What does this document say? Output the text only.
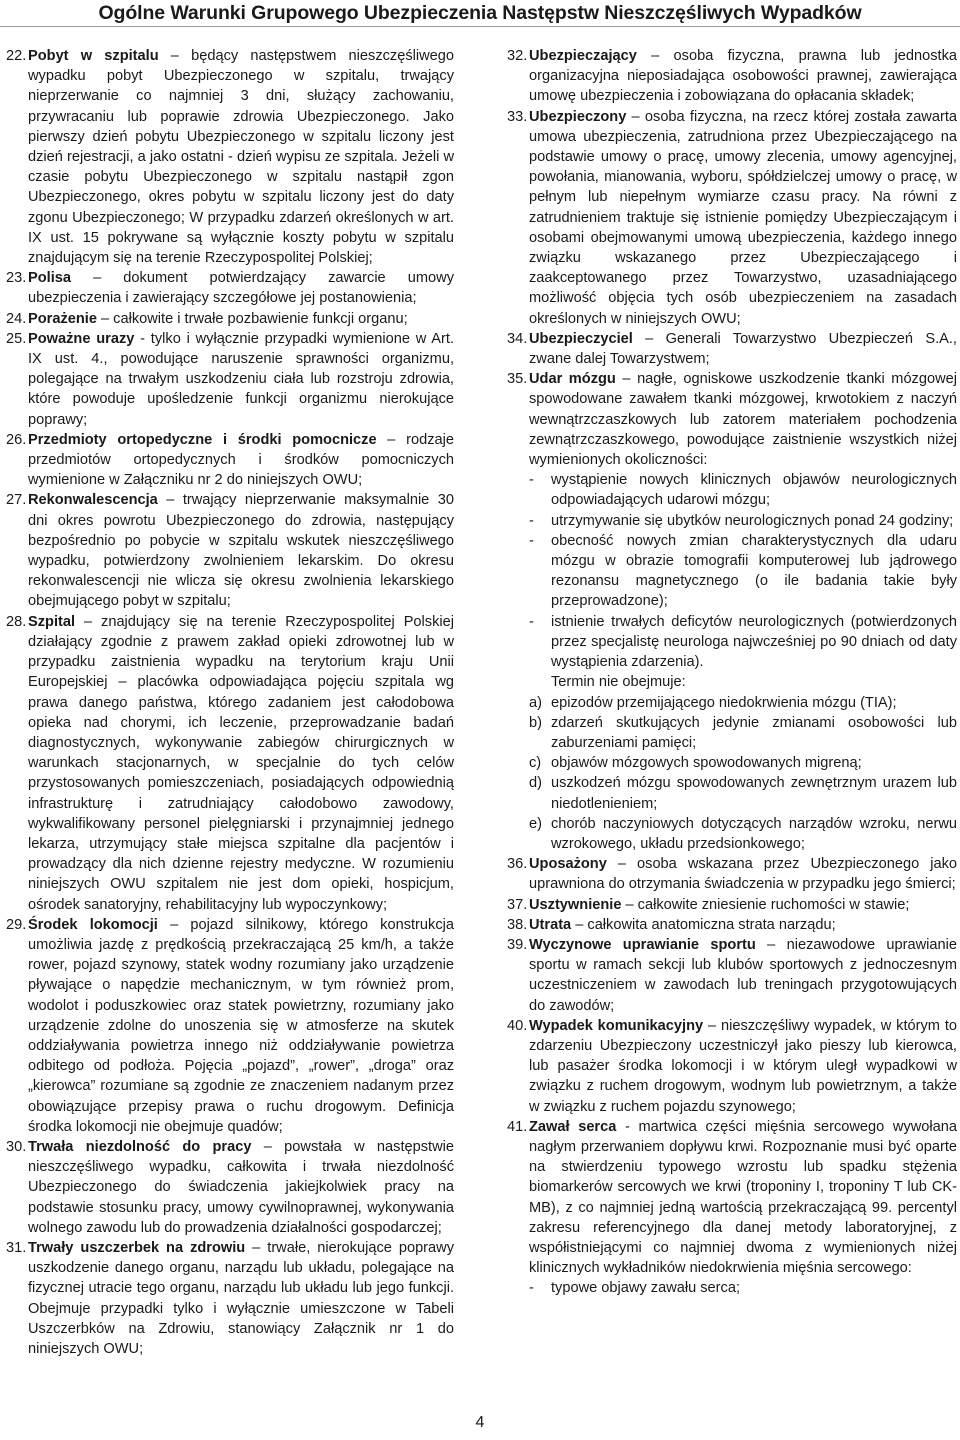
Ogólne Warunki Grupowego Ubezpieczenia Następstw Nieszczęśliwych Wypadków
22. Pobyt w szpitalu – będący następstwem nieszczęśliwego wypadku pobyt Ubezpieczonego w szpitalu, trwający nieprzerwanie co najmniej 3 dni, służący zachowaniu, przywracaniu lub poprawie zdrowia Ubezpieczonego. Jako pierwszy dzień pobytu Ubezpieczonego w szpitalu liczony jest dzień rejestracji, a jako ostatni - dzień wypisu ze szpitala. Jeżeli w czasie pobytu Ubezpieczonego w szpitalu nastąpił zgon Ubezpieczonego, okres pobytu w szpitalu liczony jest do daty zgonu Ubezpieczonego; W przypadku zdarzeń określonych w art. IX ust. 15 pokrywane są wyłącznie koszty pobytu w szpitalu znajdującym się na terenie Rzeczypospolitej Polskiej;
23. Polisa – dokument potwierdzający zawarcie umowy ubezpieczenia i zawierający szczegółowe jej postanowienia;
24. Porażenie – całkowite i trwałe pozbawienie funkcji organu;
25. Poważne urazy - tylko i wyłącznie przypadki wymienione w Art. IX ust. 4., powodujące naruszenie sprawności organizmu, polegające na trwałym uszkodzeniu ciała lub rozstroju zdrowia, które powoduje upośledzenie funkcji organizmu nierokujące poprawy;
26. Przedmioty ortopedyczne i środki pomocnicze – rodzaje przedmiotów ortopedycznych i środków pomocniczych wymienione w Załączniku nr 2 do niniejszych OWU;
27. Rekonwalescencja – trwający nieprzerwanie maksymalnie 30 dni okres powrotu Ubezpieczonego do zdrowia, następujący bezpośrednio po pobycie w szpitalu wskutek nieszczęśliwego wypadku, potwierdzony zwolnieniem lekarskim. Do okresu rekonwalescencji nie wlicza się okresu zwolnienia lekarskiego obejmującego pobyt w szpitalu;
28. Szpital – znajdujący się na terenie Rzeczypospolitej Polskiej działający zgodnie z prawem zakład opieki zdrowotnej lub w przypadku zaistnienia wypadku na terytorium kraju Unii Europejskiej – placówka odpowiadająca pojęciu szpitala wg prawa danego państwa, którego zadaniem jest całodobowa opieka nad chorymi, ich leczenie, przeprowadzanie badań diagnostycznych, wykonywanie zabiegów chirurgicznych w warunkach stacjonarnych, w specjalnie do tych celów przystosowanych pomieszczeniach, posiadających odpowiednią infrastrukturę i zatrudniający całodobowo zawodowy, wykwalifikowany personel pielęgniarski i przynajmniej jednego lekarza, utrzymujący stałe miejsca szpitalne dla pacjentów i prowadzący dla nich dzienne rejestry medyczne. W rozumieniu niniejszych OWU szpitalem nie jest dom opieki, hospicjum, ośrodek sanatoryjny, rehabilitacyjny lub wypoczynkowy;
29. Środek lokomocji – pojazd silnikowy, którego konstrukcja umożliwia jazdę z prędkością przekraczającą 25 km/h, a także rower, pojazd szynowy, statek wodny rozumiany jako urządzenie pływające o napędzie mechanicznym, w tym również prom, wodolot i poduszkowiec oraz statek powietrzny, rozumiany jako urządzenie zdolne do unoszenia się w atmosferze na skutek oddziaływania powietrza innego niż oddziaływanie powietrza odbitego od podłoża. Pojęcia „pojazd”, „rower”, „droga” oraz „kierowca” rozumiane są zgodnie ze znaczeniem nadanym przez obowiązujące przepisy prawa o ruchu drogowym. Definicja środka lokomocji nie obejmuje quadów;
30. Trwała niezdolność do pracy – powstała w następstwie nieszczęśliwego wypadku, całkowita i trwała niezdolność Ubezpieczonego do świadczenia jakiejkolwiek pracy na podstawie stosunku pracy, umowy cywilnoprawnej, wykonywania wolnego zawodu lub do prowadzenia działalności gospodarczej;
31. Trwały uszczerbek na zdrowiu – trwałe, nierokujące poprawy uszkodzenie danego organu, narządu lub układu, polegające na fizycznej utracie tego organu, narządu lub układu lub jego funkcji. Obejmuje przypadki tylko i wyłącznie umieszczone w Tabeli Uszczerbków na Zdrowiu, stanowiący Załącznik nr 1 do niniejszych OWU;
32. Ubezpieczający – osoba fizyczna, prawna lub jednostka organizacyjna nieposiadająca osobowości prawnej, zawierająca umowę ubezpieczenia i zobowiązana do opłacania składek;
33. Ubezpieczony – osoba fizyczna, na rzecz której została zawarta umowa ubezpieczenia, zatrudniona przez Ubezpieczającego na podstawie umowy o pracę, umowy zlecenia, umowy agencyjnej, powołania, mianowania, wyboru, spółdzielczej umowy o pracę, w pełnym lub niepełnym wymiarze czasu pracy. Na równi z zatrudnieniem traktuje się istnienie pomiędzy Ubezpieczającym i osobami obejmowanymi umową ubezpieczenia, każdego innego związku wskazanego przez Ubezpieczającego i zaakceptowanego przez Towarzystwo, uzasadniającego możliwość objęcia tych osób ubezpieczeniem na zasadach określonych w niniejszych OWU;
34. Ubezpieczyciel – Generali Towarzystwo Ubezpieczeń S.A., zwane dalej Towarzystwem;
35. Udar mózgu – nagłe, ogniskowe uszkodzenie tkanki mózgowej spowodowane zawałem tkanki mózgowej, krwotokiem z naczyń wewnątrzczaszkowych lub zatorem materiałem pochodzenia zewnątrzczaszkowego, powodujące zaistnienie wszystkich niżej wymienionych okoliczności:
- wystąpienie nowych klinicznych objawów neurologicznych odpowiadających udarowi mózgu;
- utrzymywanie się ubytków neurologicznych ponad 24 godziny;
- obecność nowych zmian charakterystycznych dla udaru mózgu w obrazie tomografii komputerowej lub jądrowego rezonansu magnetycznego (o ile badania takie były przeprowadzone);
- istnienie trwałych deficytów neurologicznych (potwierdzonych przez specjalistę neurologa najwcześniej po 90 dniach od daty wystąpienia zdarzenia).
Termin nie obejmuje:
a) epizodów przemijającego niedokrwienia mózgu (TIA);
b) zdarzeń skutkujących jedynie zmianami osobowości lub zaburzeniami pamięci;
c) objawów mózgowych spowodowanych migreną;
d) uszkodzeń mózgu spowodowanych zewnętrznym urazem lub niedotlenieniem;
e) chorób naczyniowych dotyczących narządów wzroku, nerwu wzrokowego, układu przedsionkowego;
36. Uposażony – osoba wskazana przez Ubezpieczonego jako uprawniona do otrzymania świadczenia w przypadku jego śmierci;
37. Usztywnienie – całkowite zniesienie ruchomości w stawie;
38. Utrata – całkowita anatomiczna strata narządu;
39. Wyczynowe uprawianie sportu – niezawodowe uprawianie sportu w ramach sekcji lub klubów sportowych z jednoczesnym uczestniczeniem w zawodach lub treningach przygotowujących do zawodów;
40. Wypadek komunikacyjny – nieszczęśliwy wypadek, w którym to zdarzeniu Ubezpieczony uczestniczył jako pieszy lub kierowca, lub pasażer środka lokomocji i w którym uległ wypadkowi w związku z ruchem drogowym, wodnym lub powietrznym, a także w związku z ruchem pojazdu szynowego;
41. Zawał serca - martwica części mięśnia sercowego wywołana nagłym przerwaniem dopływu krwi. Rozpoznanie musi być oparte na stwierdzeniu typowego wzrostu lub spadku stężenia biomarkerów sercowych we krwi (troponiny I, troponiny T lub CK-MB), z co najmniej jedną wartością przekraczającą 99. percentyl zakresu referencyjnego dla danej metody laboratoryjnej, z współistniejącymi co najmniej dwoma z wymienionych niżej klinicznych wykładników niedokrwienia mięśnia sercowego:
- typowe objawy zawału serca;
4
